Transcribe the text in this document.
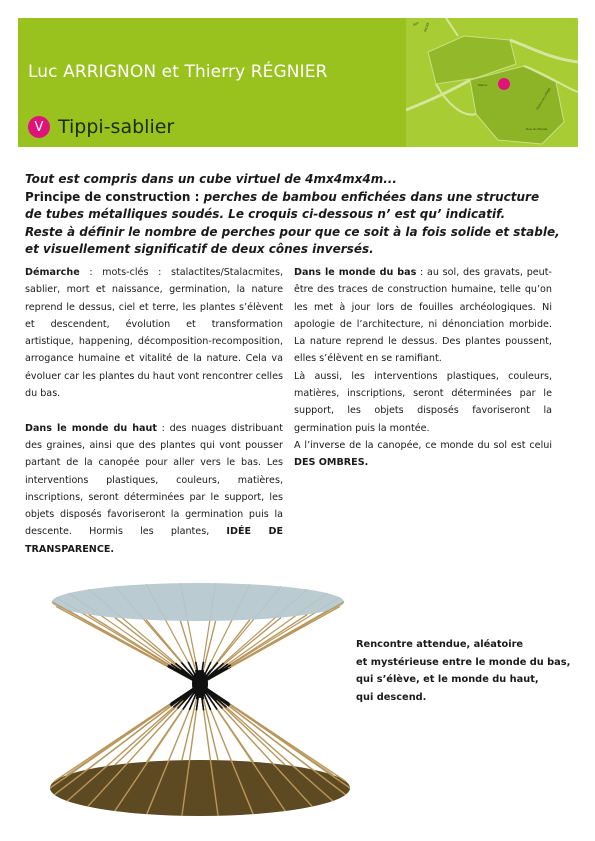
Luc ARRIGNON et Thierry RÉGNIER
V Tippi-sablier
MICRE
Bus
Mairie
Ferme du village
Rue du Marais

Tout est compris dans un cube virtuel de 4mx4mx4m...

Principe de construction : perches de bambou enfichées dans une structure

de tubes métalliques soudés. Le croquis ci-dessous n’ est qu’ indicatif.

Reste à définir le nombre de perches pour que ce soit à la fois solide et stable,

et visuellement significatif de deux cônes inversés.

Démarche : mots-clés : stalactites/Stalacmites, sablier, mort et naissance, germination, la nature reprend le dessus, ciel et terre, les plantes s’élèvent et descendent, évolution et transformation artistique, happening, décomposition-recomposition, arrogance humaine et vitalité de la nature. Cela va évoluer car les plantes du haut vont rencontrer celles du bas.

Dans le monde du haut : des nuages distribuant des graines, ainsi que des plantes qui vont pousser partant de la canopée pour aller vers le bas. Les interventions plastiques, couleurs, matières, inscriptions, seront déterminées par le support, les objets disposés favoriseront la germination puis la descente. Hormis les plantes, IDÉE DE TRANSPARENCE.

Dans le monde du bas : au sol, des gravats, peut-être des traces de construction humaine, telle qu’on les met à jour lors de fouilles archéologiques. Ni apologie de l’architecture, ni dénonciation morbide. La nature reprend le dessus. Des plantes poussent, elles s’élèvent en se ramifiant.

Là aussi, les interventions plastiques, couleurs, matières, inscriptions, seront déterminées par le support, les objets disposés favoriseront la germination puis la montée.

A l’inverse de la canopée, ce monde du sol est celui DES OMBRES.

Rencontre attendue, aléatoire

et mystérieuse entre le monde du bas,

qui s’élève, et le monde du haut,

qui descend.
